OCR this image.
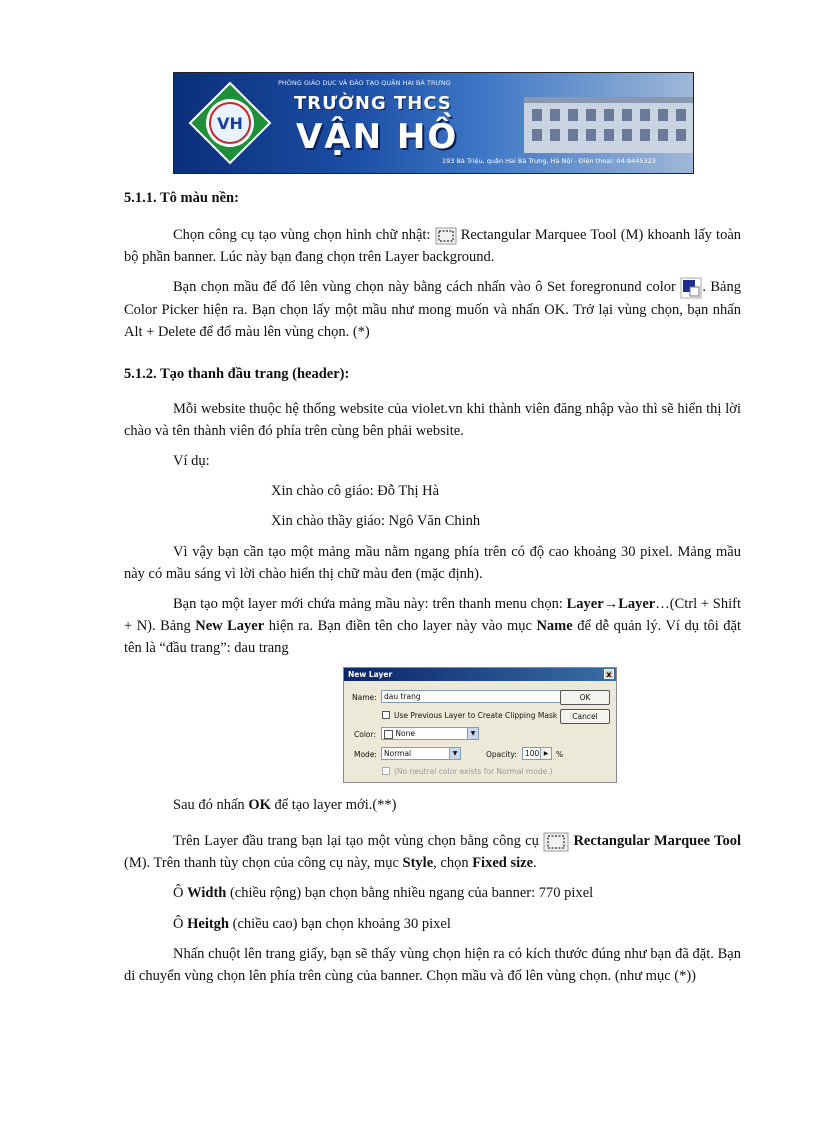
VH
PHÒNG GIÁO DỤC VÀ ĐÀO TẠO QUẬN HAI BÀ TRƯNG
TRƯỜNG THCS
VẬN HỒ
193 Bà Triệu, quận Hai Bà Trưng, Hà Nội - Điện thoại: 04-9445323
5.1.1. Tô màu nền:

Chọn công cụ tạo vùng chọn hình chữ nhật: Rectangular Marquee Tool (M) khoanh lấy toàn bộ phần banner. Lúc này bạn đang chọn trên Layer background.

Bạn chọn mầu để đổ lên vùng chọn này bằng cách nhấn vào ô Set foregronund color . Bảng Color Picker hiện ra. Bạn chọn lấy một mầu như mong muốn và nhấn OK. Trở lại vùng chọn, bạn nhấn Alt + Delete để đổ màu lên vùng chọn. (*)

5.1.2. Tạo thanh đầu trang (header):

Mỗi website thuộc hệ thống website của violet.vn khi thành viên đăng nhập vào thì sẽ hiển thị lời chào và tên thành viên đó phía trên cùng bên phải website.

Ví dụ:

Xin chào cô giáo: Đỗ Thị Hà

Xin chào thầy giáo: Ngô Văn Chinh

Vì vậy bạn cần tạo một mảng mầu nằm ngang phía trên có độ cao khoảng 30 pixel. Mảng mầu này có mầu sáng vì lời chào hiển thị chữ màu đen (mặc định).

Bạn tạo một layer mới chứa mảng mầu này: trên thanh menu chọn: Layer→Layer…(Ctrl + Shift + N). Bảng New Layer hiện ra. Bạn điền tên cho layer này vào mục Name để dễ quản lý. Ví dụ tôi đặt tên là “đầu trang”: dau trang

New Layer	x
Name: dau trang	OK
Cancel
Use Previous Layer to Create Clipping Mask
Color:	None	▼
Mode: Normal	▼	Opacity:	100 ▶	%
(No neutral color exists for Normal mode.)

Sau đó nhấn OK để tạo layer mới.(**)

Trên Layer đầu trang bạn lại tạo một vùng chọn bằng công cụ Rectangular Marquee Tool (M). Trên thanh tùy chọn của công cụ này, mục Style, chọn Fixed size.

Ô Width (chiều rộng) bạn chọn bằng nhiều ngang của banner: 770 pixel

Ô Heitgh (chiều cao) bạn chọn khoảng 30 pixel

Nhấn chuột lên trang giấy, bạn sẽ thấy vùng chọn hiện ra có kích thước đúng như bạn đã đặt. Bạn di chuyển vùng chọn lên phía trên cùng của banner. Chọn mầu và đổ lên vùng chọn. (như mục (*))
